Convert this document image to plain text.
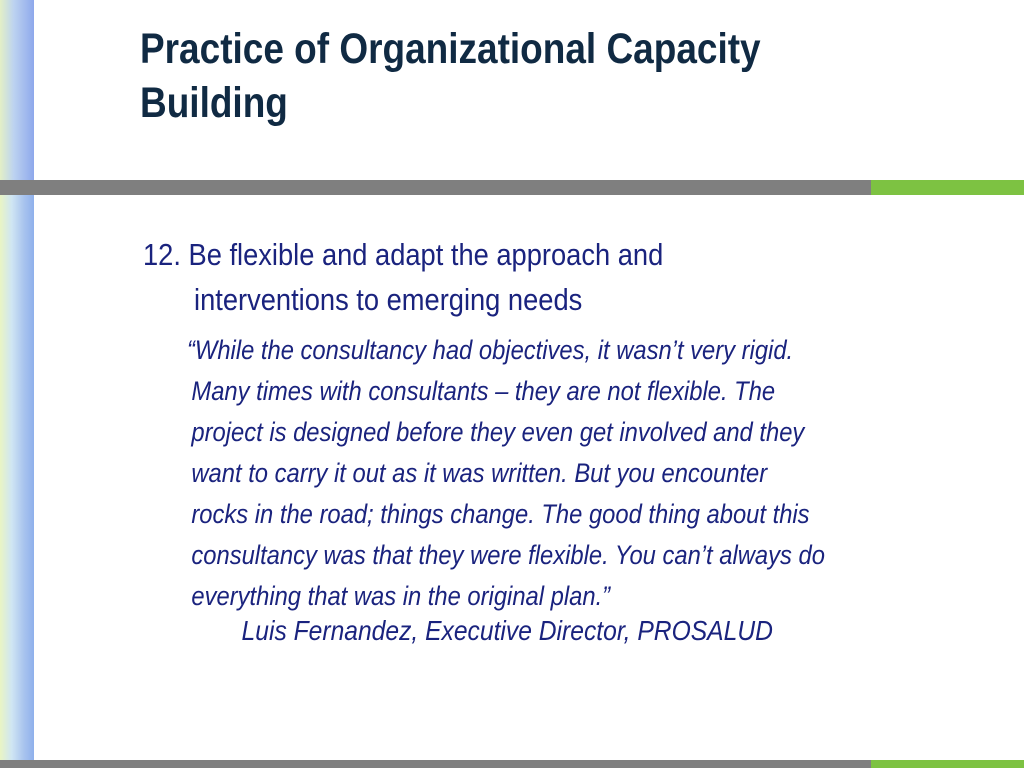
Practice of Organizational Capacity
Building
12. Be flexible and adapt the approach and
interventions to emerging needs
“While the consultancy had objectives, it wasn’t very rigid.
Many times with consultants – they are not flexible. The
project is designed before they even get involved and they
want to carry it out as it was written. But you encounter
rocks in the road; things change. The good thing about this
consultancy was that they were flexible. You can’t always do
everything that was in the original plan.”
Luis Fernandez, Executive Director, PROSALUD
